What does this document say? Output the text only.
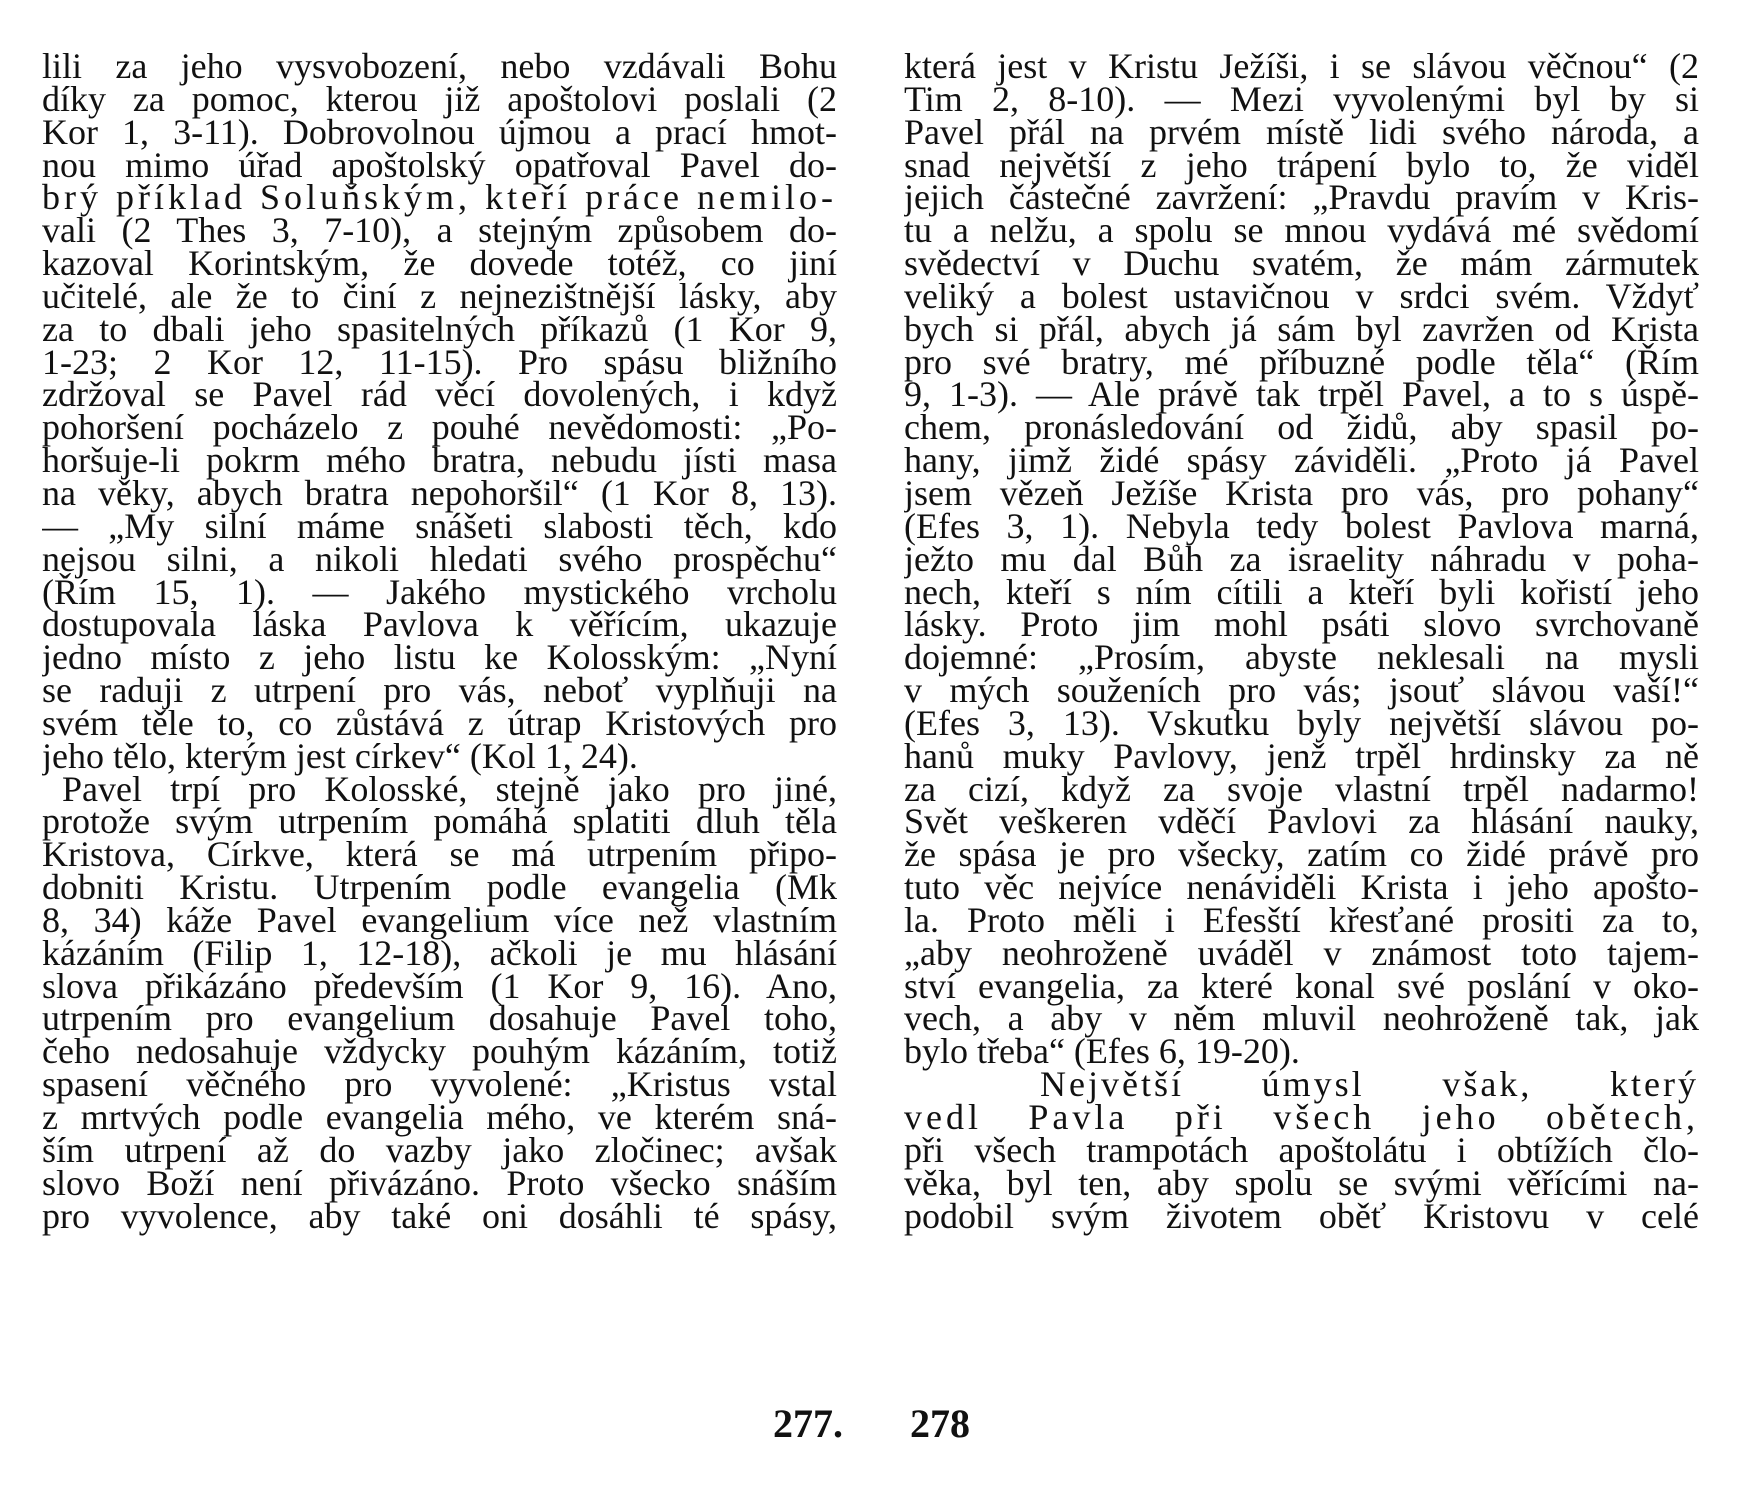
lili za jeho vysvobození, nebo vzdávali Bohu
díky za pomoc, kterou již apoštolovi poslali (2
Kor 1, 3-11). Dobrovolnou újmou a prací hmot-
nou mimo úřad apoštolský opatřoval Pavel do-
brý příklad Soluňským, kteří práce nemilo-
vali (2 Thes 3, 7-10), a stejným způsobem do-
kazoval Korintským, že dovede totéž, co jiní
učitelé, ale že to činí z nejnezištnější lásky, aby
za to dbali jeho spasitelných příkazů (1 Kor 9,
1-23; 2 Kor 12, 11-15). Pro spásu bližního
zdržoval se Pavel rád věcí dovolených, i když
pohoršení pocházelo z pouhé nevědomosti: „Po-
horšuje-li pokrm mého bratra, nebudu jísti masa
na věky, abych bratra nepohoršil“ (1 Kor 8, 13).
— „My silní máme snášeti slabosti těch, kdo
nejsou silni, a nikoli hledati svého prospěchu“
(Řím 15, 1). — Jakého mystického vrcholu
dostupovala láska Pavlova k věřícím, ukazuje
jedno místo z jeho listu ke Kolosským: „Nyní
se raduji z utrpení pro vás, neboť vyplňuji na
svém těle to, co zůstává z útrap Kristových pro
jeho tělo, kterým jest církev“ (Kol 1, 24).
Pavel trpí pro Kolosské, stejně jako pro jiné,
protože svým utrpením pomáhá splatiti dluh těla
Kristova, Církve, která se má utrpením připo-
dobniti Kristu. Utrpením podle evangelia (Mk
8, 34) káže Pavel evangelium více než vlastním
kázáním (Filip 1, 12-18), ačkoli je mu hlásání
slova přikázáno především (1 Kor 9, 16). Ano,
utrpením pro evangelium dosahuje Pavel toho,
čeho nedosahuje vždycky pouhým kázáním, totiž
spasení věčného pro vyvolené: „Kristus vstal
z mrtvých podle evangelia mého, ve kterém sná-
ším utrpení až do vazby jako zločinec; avšak
slovo Boží není přivázáno. Proto všecko snáším
pro vyvolence, aby také oni dosáhli té spásy,
která jest v Kristu Ježíši, i se slávou věčnou“ (2
Tim 2, 8-10). — Mezi vyvolenými byl by si
Pavel přál na prvém místě lidi svého národa, a
snad největší z jeho trápení bylo to, že viděl
jejich částečné zavržení: „Pravdu pravím v Kris-
tu a nelžu, a spolu se mnou vydává mé svědomí
svědectví v Duchu svatém, že mám zármutek
veliký a bolest ustavičnou v srdci svém. Vždyť
bych si přál, abych já sám byl zavržen od Krista
pro své bratry, mé příbuzné podle těla“ (Řím
9, 1-3). — Ale právě tak trpěl Pavel, a to s úspě-
chem, pronásledování od židů, aby spasil po-
hany, jimž židé spásy záviděli. „Proto já Pavel
jsem vězeň Ježíše Krista pro vás, pro pohany“
(Efes 3, 1). Nebyla tedy bolest Pavlova marná,
ježto mu dal Bůh za israelity náhradu v poha-
nech, kteří s ním cítili a kteří byli kořistí jeho
lásky. Proto jim mohl psáti slovo svrchovaně
dojemné: „Prosím, abyste neklesali na mysli
v mých souženích pro vás; jsouť slávou vaší!“
(Efes 3, 13). Vskutku byly největší slávou po-
hanů muky Pavlovy, jenž trpěl hrdinsky za ně
za cizí, když za svoje vlastní trpěl nadarmo!
Svět veškeren vděčí Pavlovi za hlásání nauky,
že spása je pro všecky, zatím co židé právě pro
tuto věc nejvíce nenáviděli Krista i jeho apošto-
la. Proto měli i Efesští křesťané prositi za to,
„aby neohroženě uváděl v známost toto tajem-
ství evangelia, za které konal své poslání v oko-
vech, a aby v něm mluvil neohroženě tak, jak
bylo třeba“ (Efes 6, 19-20).
Největší úmysl však, který
vedl Pavla při všech jeho obětech,
při všech trampotách apoštolátu i obtížích člo-
věka, byl ten, aby spolu se svými věřícími na-
podobil svým životem oběť Kristovu v celé
277. 278
